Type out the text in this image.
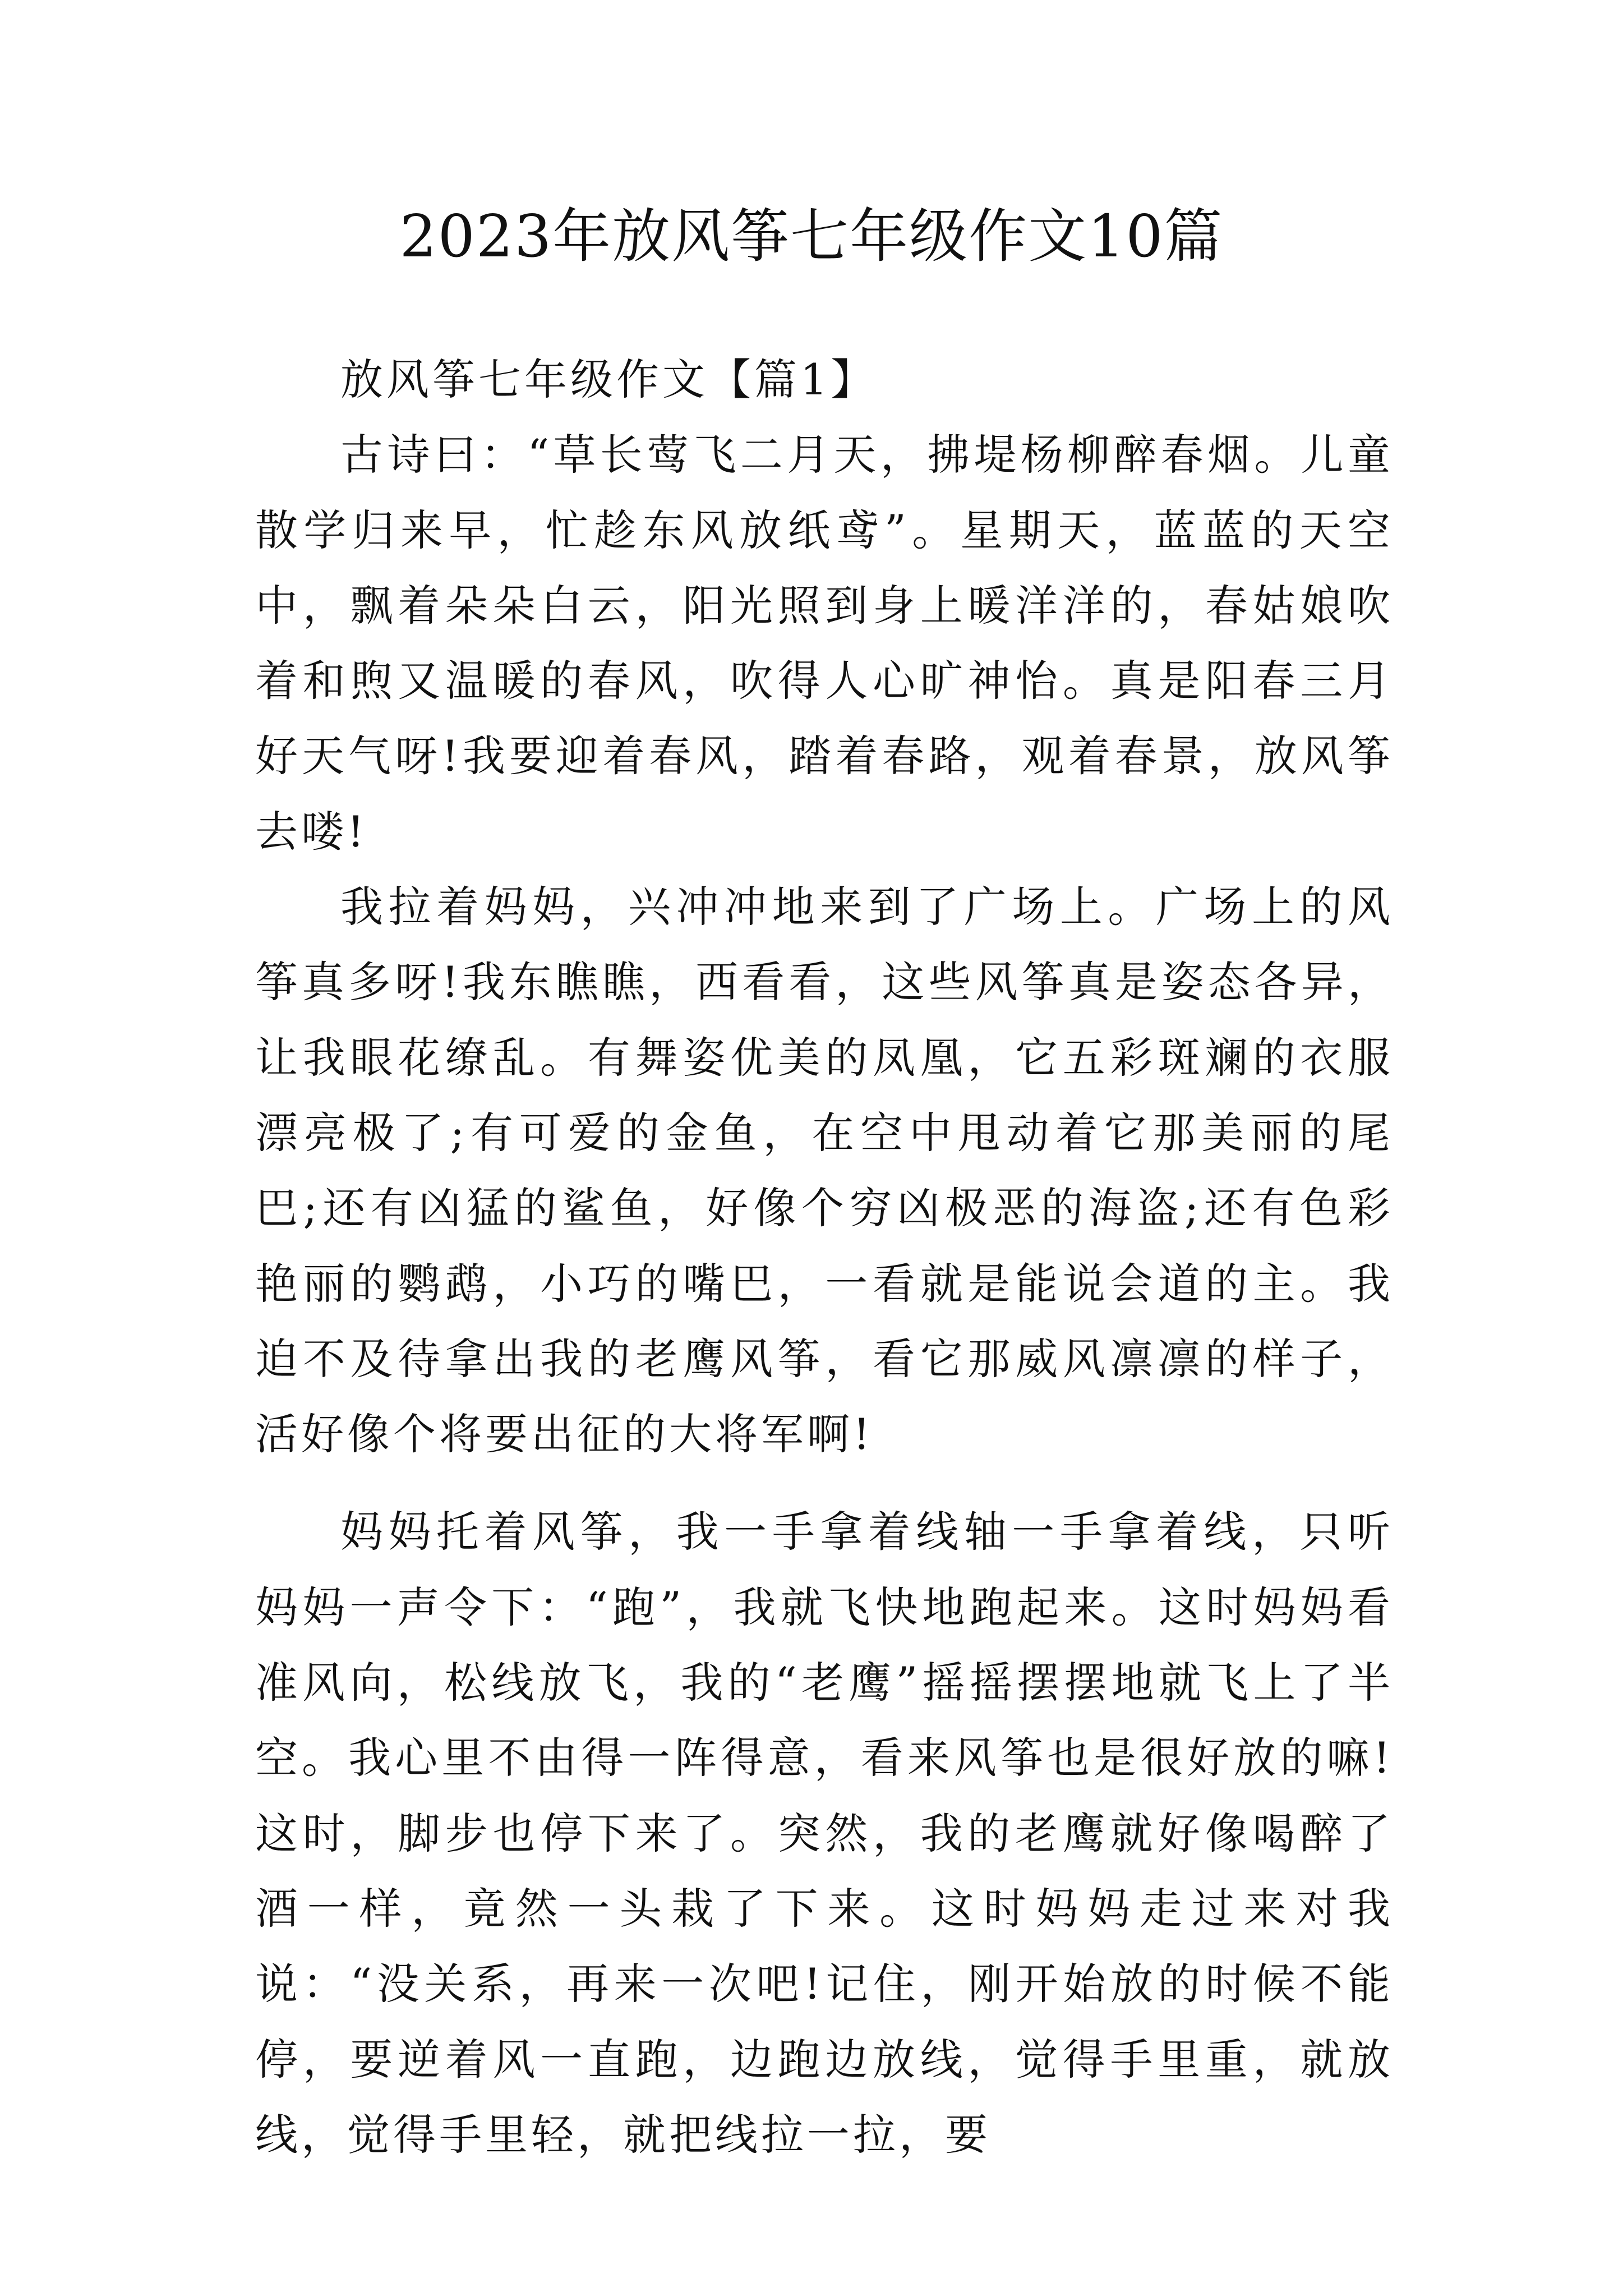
2023年放风筝七年级作文10篇

放风筝七年级作文【篇1】

古诗曰：“草长莺飞二月天，拂堤杨柳醉春烟。儿童散学归来早，忙趁东风放纸鸢”。星期天，蓝蓝的天空中，飘着朵朵白云，阳光照到身上暖洋洋的，春姑娘吹着和煦又温暖的春风，吹得人心旷神怡。真是阳春三月好天气呀!我要迎着春风，踏着春路，观着春景，放风筝去喽!

我拉着妈妈，兴冲冲地来到了广场上。广场上的风筝真多呀!我东瞧瞧，西看看，这些风筝真是姿态各异，让我眼花缭乱。有舞姿优美的凤凰，它五彩斑斓的衣服漂亮极了;有可爱的金鱼，在空中甩动着它那美丽的尾巴;还有凶猛的鲨鱼，好像个穷凶极恶的海盗;还有色彩艳丽的鹦鹉，小巧的嘴巴，一看就是能说会道的主。我迫不及待拿出我的老鹰风筝，看它那威风凛凛的样子，活好像个将要出征的大将军啊!

妈妈托着风筝，我一手拿着线轴一手拿着线，只听妈妈一声令下：“跑”，我就飞快地跑起来。这时妈妈看准风向，松线放飞，我的“老鹰”摇摇摆摆地就飞上了半空。我心里不由得一阵得意，看来风筝也是很好放的嘛!这时，脚步也停下来了。突然，我的老鹰就好像喝醉了酒一样，竟然一头栽了下来。这时妈妈走过来对我说：“没关系，再来一次吧!记住，刚开始放的时候不能停，要逆着风一直跑，边跑边放线，觉得手里重，就放线，觉得手里轻，就把线拉一拉，要
